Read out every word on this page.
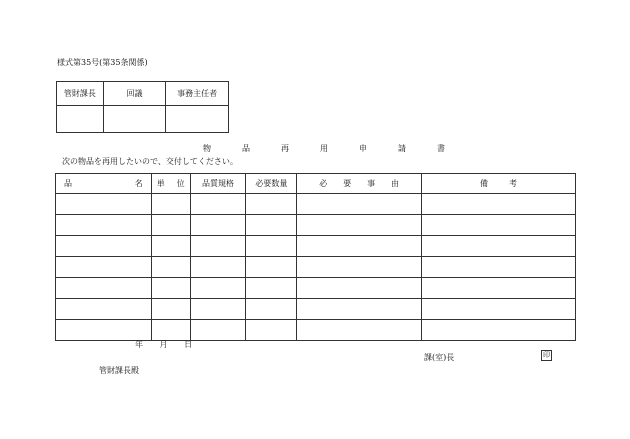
様式第35号(第35条関係)
管財課長	回議	事務主任者

物品再用申請書
次の物品を再用したいので、交付してください。
品 名	単 位	品質規格	必要数量	必 要 事 由	備 考

年 月 日
課(室)長	印
管財課長殿
